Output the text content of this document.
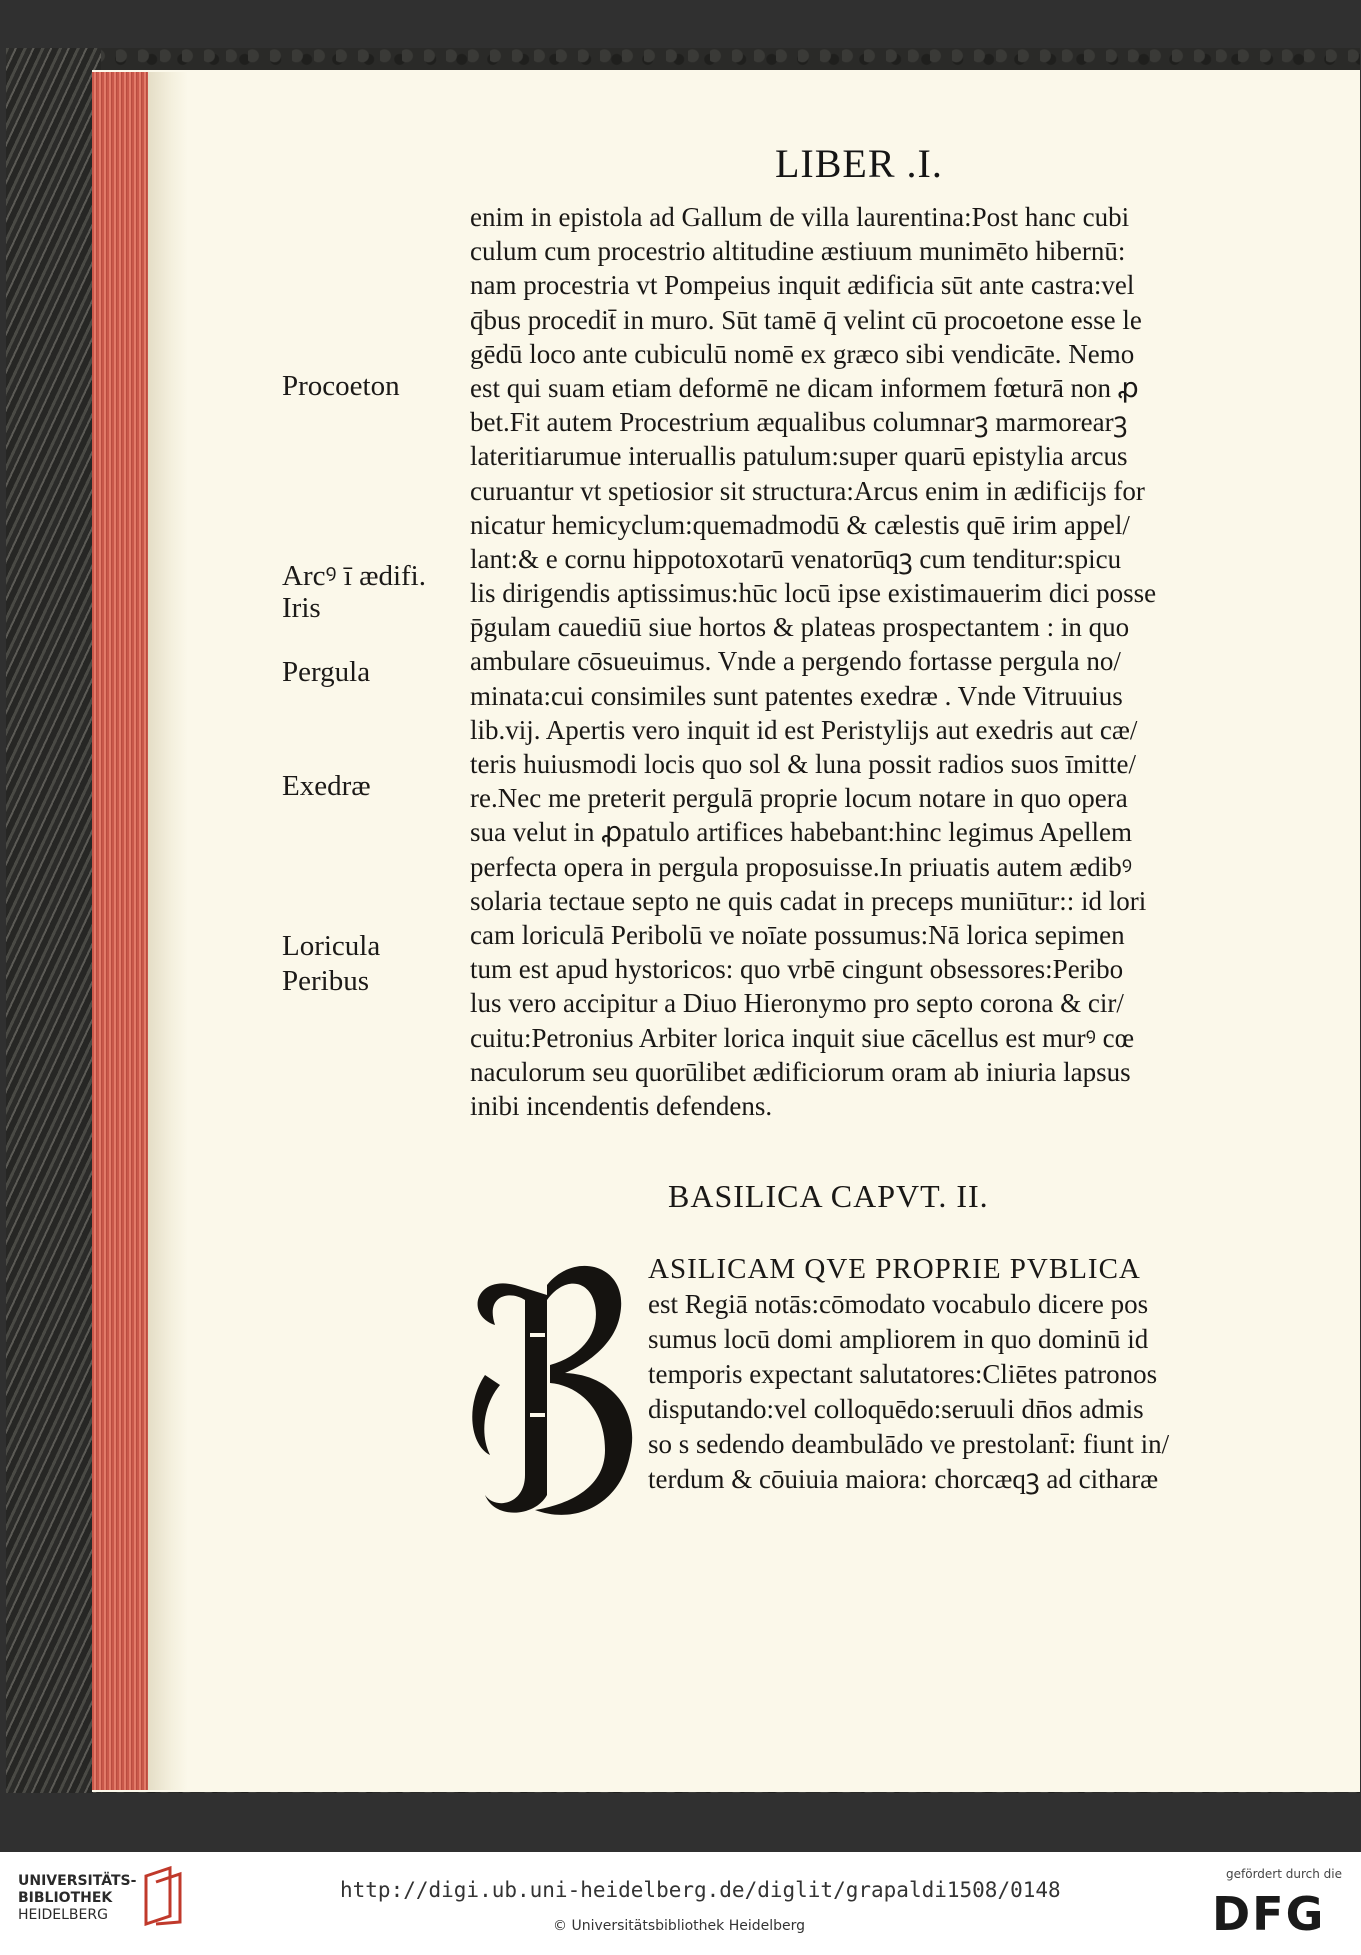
LIBER .I.
enim in epistola ad Gallum de villa laurentina:Post hanc cubi
culum cum procestrio altitudine æstiuum munimēto hibernū:
nam procestria vt Pompeius inquit ædificia sūt ante castra:vel
q̄bus procedit̄ in muro. Sūt tamē q̄ velint cū procoetone esse le
gēdū loco ante cubiculū nomē ex græco sibi vendicāte. Nemo
est qui suam etiam deformē ne dicam informem fœturā non ꝓ
bet.Fit autem Procestrium æqualibus columnarꝫ marmorearꝫ
lateritiarumue interuallis patulum:super quarū epistylia arcus
curuantur vt spetiosior sit structura:Arcus enim in ædificijs for
nicatur hemicyclum:quemadmodū & cælestis quē irim appel/
lant:& e cornu hippotoxotarū venatorūqꝫ cum tenditur:spicu
lis dirigendis aptissimus:hūc locū ipse existimauerim dici posse
p̄gulam cauediū siue hortos & plateas prospectantem : in quo
ambulare cōsueuimus. Vnde a pergendo fortasse pergula no/
minata:cui consimiles sunt patentes exedræ . Vnde Vitruuius
lib.vij. Apertis vero inquit id est Peristylijs aut exedris aut cæ/
teris huiusmodi locis quo sol & luna possit radios suos īmitte/
re.Nec me preterit pergulā proprie locum notare in quo opera
sua velut in ꝓpatulo artifices habebant:hinc legimus Apellem
perfecta opera in pergula proposuisse.In priuatis autem ædibꝰ
solaria tectaue septo ne quis cadat in preceps muniūtur:: id lori
cam loriculā Peribolū ve noīate possumus:Nā lorica sepimen
tum est apud hystoricos: quo vrbē cingunt obsessores:Peribo
lus vero accipitur a Diuo Hieronymo pro septo corona & cir/
cuitu:Petronius Arbiter lorica inquit siue cācellus est murꝰ cœ
naculorum seu quorūlibet ædificiorum oram ab iniuria lapsus
inibi incendentis defendens.
Procoeton
Arcꝰ ī ædifi.
Iris
Pergula
Exedræ
Loricula
Peribus
BASILICA CAPVT. II.
ASILICAM QVE PROPRIE PVBLICA
est Regiā notās:cōmodato vocabulo dicere pos
sumus locū domi ampliorem in quo dominū id
temporis expectant salutatores:Cliētes patronos
disputando:vel colloquēdo:seruuli dn̄os admis
so s sedendo deambulādo ve prestolant̄: fiunt in/
terdum & cōuiuia maiora: chorcæqꝫ ad citharæ
UNIVERSITÄTS-
BIBLIOTHEK
HEIDELBERG
http://digi.ub.uni-heidelberg.de/diglit/grapaldi1508/0148
© Universitätsbibliothek Heidelberg
gefördert durch die
DFG
